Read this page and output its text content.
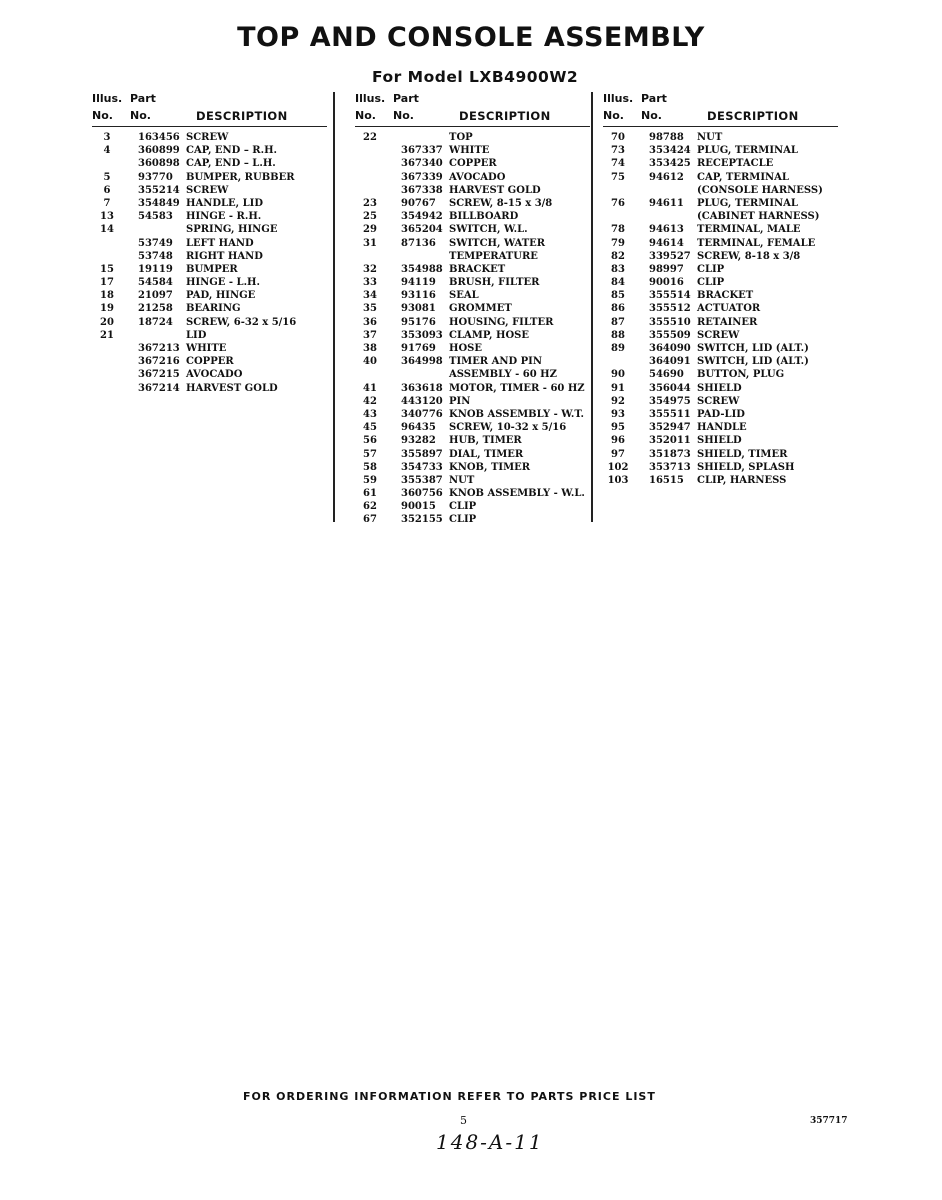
TOP AND CONSOLE ASSEMBLY
For Model LXB4900W2
Illus. Part
No. No.	DESCRIPTION
3	163456 SCREW
4	360899 CAP, END – R.H.
360898 CAP, END – L.H.
5	93770 BUMPER, RUBBER
6	355214 SCREW
7	354849 HANDLE, LID
13	54583 HINGE - R.H.
14	SPRING, HINGE
53749 LEFT HAND
53748 RIGHT HAND
15	19119 BUMPER
17	54584 HINGE - L.H.
18	21097 PAD, HINGE
19	21258 BEARING
20	18724 SCREW, 6-32 x 5/16
21	LID
367213 WHITE
367216 COPPER
367215 AVOCADO
367214 HARVEST GOLD
Illus. Part
No. No.	DESCRIPTION
22	TOP
367337 WHITE
367340 COPPER
367339 AVOCADO
367338 HARVEST GOLD
23	90767 SCREW, 8-15 x 3/8
25	354942 BILLBOARD
29	365204 SWITCH, W.L.
31	87136 SWITCH, WATER
TEMPERATURE
32	354988 BRACKET
33	94119 BRUSH, FILTER
34	93116 SEAL
35	93081 GROMMET
36	95176 HOUSING, FILTER
37	353093 CLAMP, HOSE
38	91769 HOSE
40	364998 TIMER AND PIN
ASSEMBLY - 60 HZ
41	363618 MOTOR, TIMER - 60 HZ
42	443120 PIN
43	340776 KNOB ASSEMBLY - W.T.
45	96435 SCREW, 10-32 x 5/16
56	93282 HUB, TIMER
57	355897 DIAL, TIMER
58	354733 KNOB, TIMER
59	355387 NUT
61	360756 KNOB ASSEMBLY - W.L.
62	90015 CLIP
67	352155 CLIP
Illus. Part
No. No.	DESCRIPTION
70	98788 NUT
73	353424 PLUG, TERMINAL
74	353425 RECEPTACLE
75	94612 CAP, TERMINAL
(CONSOLE HARNESS)
76	94611 PLUG, TERMINAL
(CABINET HARNESS)
78	94613 TERMINAL, MALE
79	94614 TERMINAL, FEMALE
82	339527 SCREW, 8-18 x 3/8
83	98997 CLIP
84	90016 CLIP
85	355514 BRACKET
86	355512 ACTUATOR
87	355510 RETAINER
88	355509 SCREW
89	364090 SWITCH, LID (ALT.)
364091 SWITCH, LID (ALT.)
90	54690 BUTTON, PLUG
91	356044 SHIELD
92	354975 SCREW
93	355511 PAD-LID
95	352947 HANDLE
96	352011 SHIELD
97	351873 SHIELD, TIMER
102	353713 SHIELD, SPLASH
103	16515 CLIP, HARNESS
FOR ORDERING INFORMATION REFER TO PARTS PRICE LIST
5	357717
148-A-11
